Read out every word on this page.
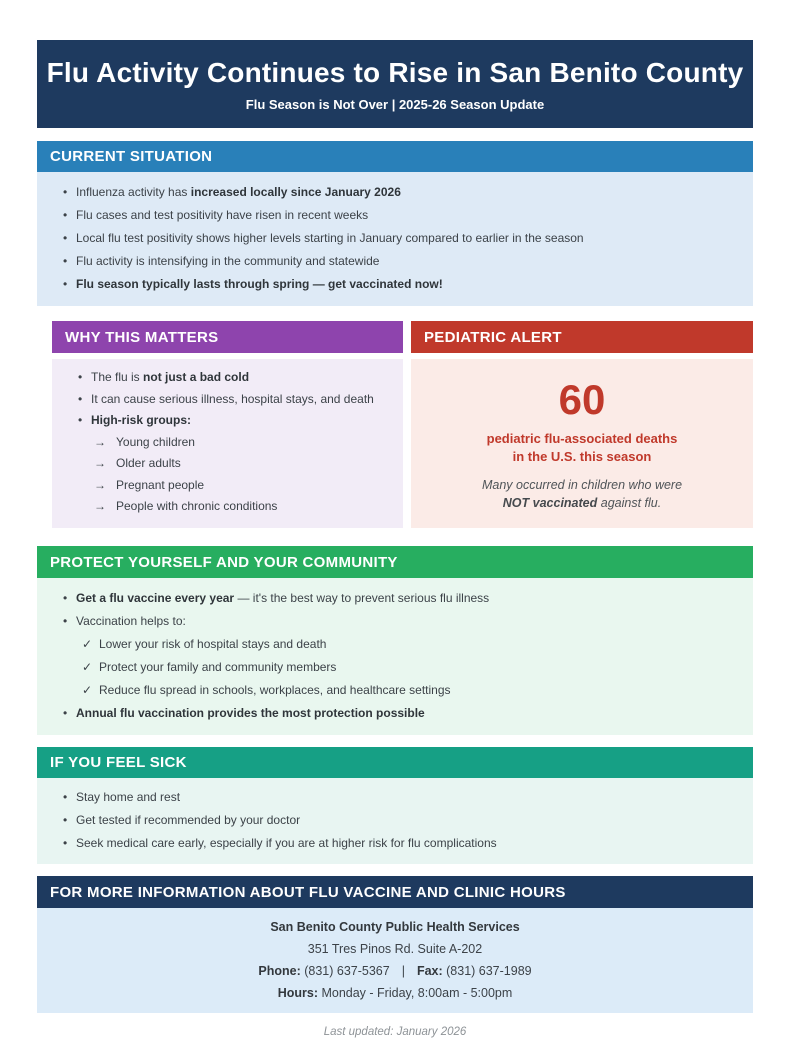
Flu Activity Continues to Rise in San Benito County

Flu Season is Not Over | 2025-26 Season Update

CURRENT SITUATION
• Influenza activity has increased locally since January 2026
• Flu cases and test positivity have risen in recent weeks
• Local flu test positivity shows higher levels starting in January compared to earlier in the season
• Flu activity is intensifying in the community and statewide
• Flu season typically lasts through spring — get vaccinated now!
WHY THIS MATTERS
• The flu is not just a bad cold
• It can cause serious illness, hospital stays, and death
• High-risk groups:
→ Young children
→ Older adults
→ Pregnant people
→ People with chronic conditions
PEDIATRIC ALERT
60
pediatric flu-associated deaths
in the U.S. this season
Many occurred in children who were
NOT vaccinated against flu.
PROTECT YOURSELF AND YOUR COMMUNITY
• Get a flu vaccine every year — it's the best way to prevent serious flu illness
• Vaccination helps to:
✓ Lower your risk of hospital stays and death
✓ Protect your family and community members
✓ Reduce flu spread in schools, workplaces, and healthcare settings
• Annual flu vaccination provides the most protection possible
IF YOU FEEL SICK
• Stay home and rest
• Get tested if recommended by your doctor
• Seek medical care early, especially if you are at higher risk for flu complications
FOR MORE INFORMATION ABOUT FLU VACCINE AND CLINIC HOURS
San Benito County Public Health Services
351 Tres Pinos Rd. Suite A-202
Phone: (831) 637-5367 | Fax: (831) 637-1989
Hours: Monday - Friday, 8:00am - 5:00pm

Last updated: January 2026
